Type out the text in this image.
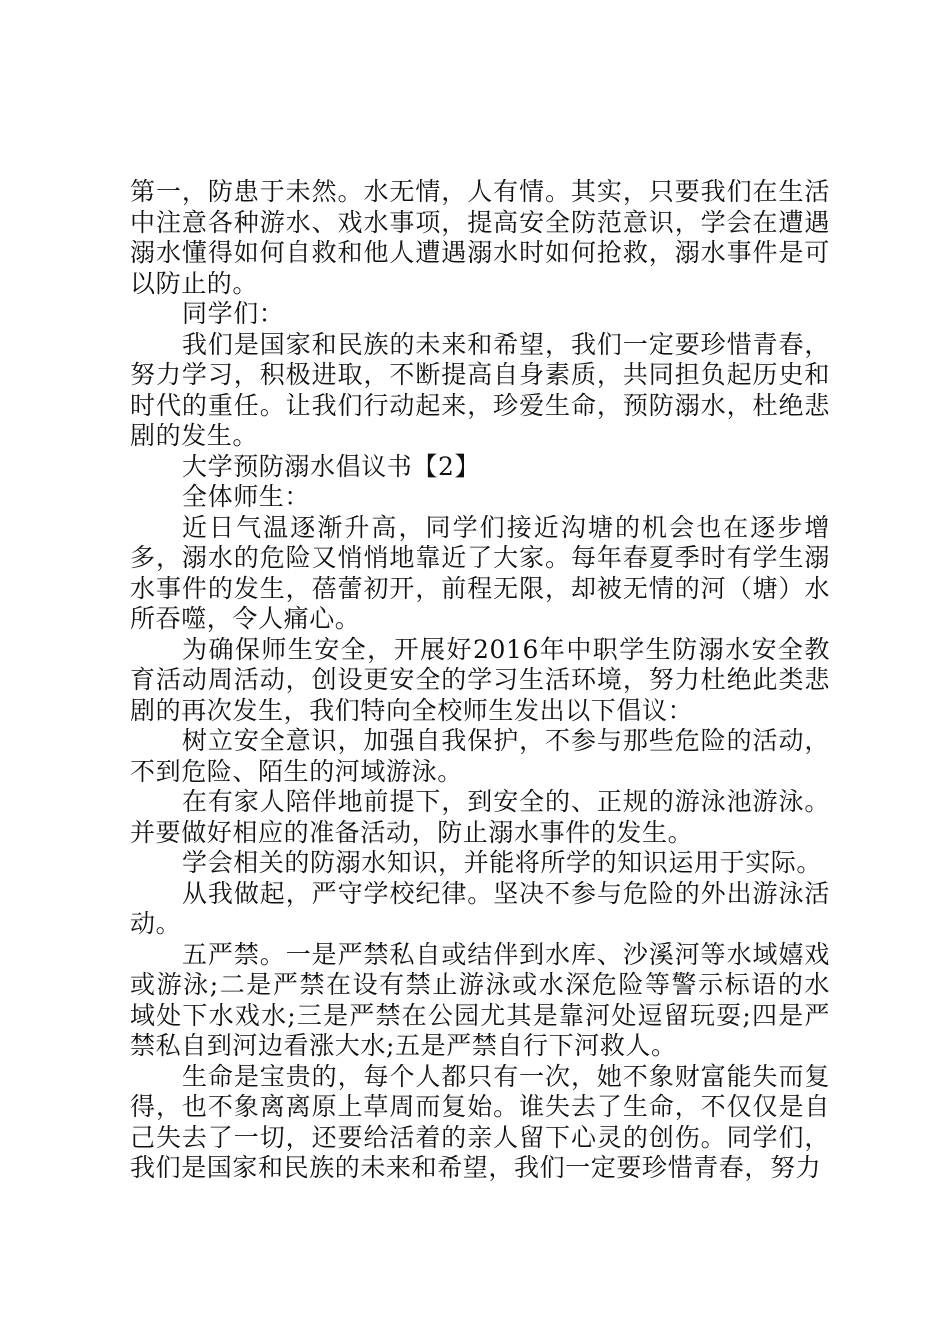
第一，防患于未然。水无情，人有情。其实，只要我们在生活中注意各种游水、戏水事项，提高安全防范意识，学会在遭遇溺水懂得如何自救和他人遭遇溺水时如何抢救，溺水事件是可以防止的。

同学们：

我们是国家和民族的未来和希望，我们一定要珍惜青春，努力学习，积极进取，不断提高自身素质，共同担负起历史和时代的重任。让我们行动起来，珍爱生命，预防溺水，杜绝悲剧的发生。

大学预防溺水倡议书【2】

全体师生：

近日气温逐渐升高，同学们接近沟塘的机会也在逐步增多，溺水的危险又悄悄地靠近了大家。每年春夏季时有学生溺水事件的发生，蓓蕾初开，前程无限，却被无情的河（塘）水所吞噬，令人痛心。

为确保师生安全，开展好2016年中职学生防溺水安全教育活动周活动，创设更安全的学习生活环境，努力杜绝此类悲剧的再次发生，我们特向全校师生发出以下倡议：

树立安全意识，加强自我保护，不参与那些危险的活动，不到危险、陌生的河域游泳。

在有家人陪伴地前提下，到安全的、正规的游泳池游泳。并要做好相应的准备活动，防止溺水事件的发生。

学会相关的防溺水知识，并能将所学的知识运用于实际。

从我做起，严守学校纪律。坚决不参与危险的外出游泳活动。

五严禁。一是严禁私自或结伴到水库、沙溪河等水域嬉戏或游泳;二是严禁在设有禁止游泳或水深危险等警示标语的水域处下水戏水;三是严禁在公园尤其是靠河处逗留玩耍;四是严禁私自到河边看涨大水;五是严禁自行下河救人。

生命是宝贵的，每个人都只有一次，她不象财富能失而复得，也不象离离原上草周而复始。谁失去了生命，不仅仅是自己失去了一切，还要给活着的亲人留下心灵的创伤。同学们，我们是国家和民族的未来和希望，我们一定要珍惜青春，努力
